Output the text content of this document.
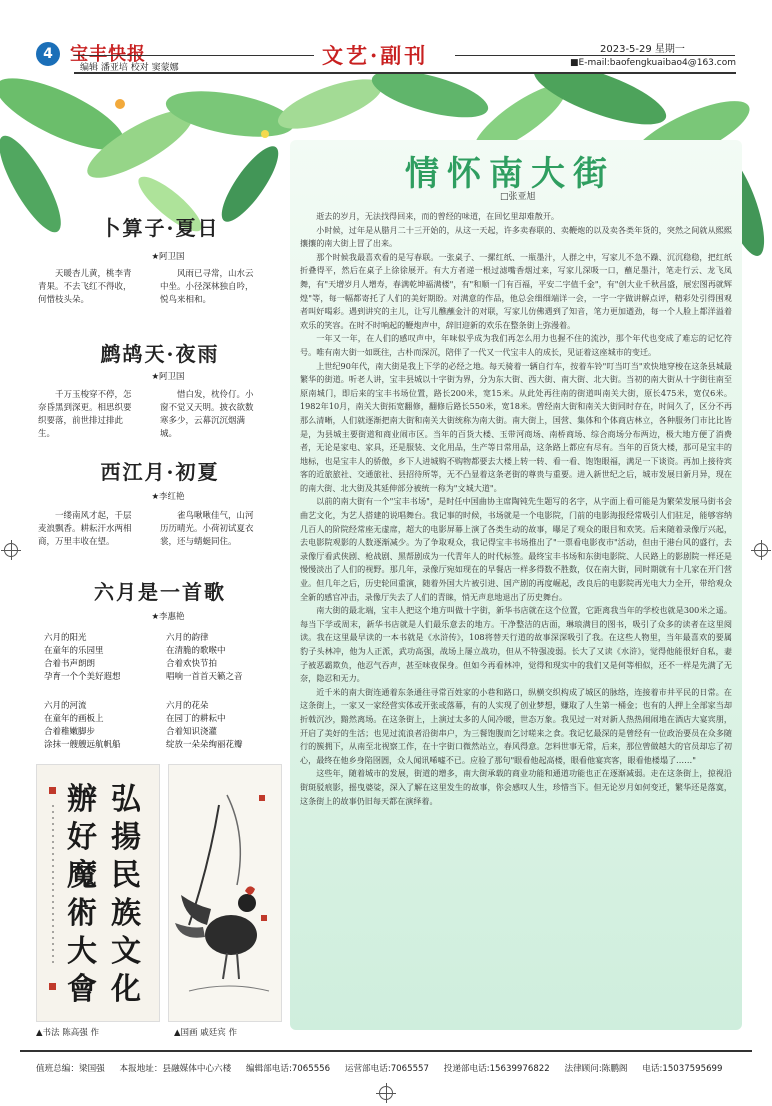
4 宝丰快报
编辑 潘亚培 校对 窦蒙娜	文艺·副刊	2023-5-29 星期一
■E-mail:baofengkuaibao4@163.com
情怀南大街
□张亚旭

逝去的岁月，无法找得回来，而的曾经的味道，在回忆里却难散开。

小时候，过年是从腊月二十三开始的，从这一天起，许多卖春联的、卖鞭炮的以及卖各类年货的，突然之间就从熙熙攘攘的南大街上冒了出来。

那个时候我最喜欢看的是写春联。一张桌子、一摞红纸、一瓶墨汁，人群之中，写家儿不急不躁、沉沉稳稳，把红纸折叠得平，然后在桌子上徐徐展开。有大方者递一根过滤嘴香烟过来，写家儿深吸一口，蘸足墨汁，笔走行云、龙飞凤舞，有"天增岁月人增寿，春满乾坤福满楼"，有"和顺一门有百福，平安二字值千金"，有"创大业千秋昌盛，展宏图再就辉煌"等，每一幅都寄托了人们的美好期盼。对满意的作品，他总会细细端详一会，一字一字做讲解点评，精彩处引得围观者叫好喝彩。遇到讲究的主儿，让写儿醮蘸金汁的对联，写家儿仿佛遇到了知音，笔力更加遒劲，每一个人脸上都洋溢着欢乐的笑容。在时不时响起的鞭炮声中，辞旧迎新的欢乐在整条街上弥漫着。

一年又一年，在人们的感叹声中，年味似乎成为我们再怎么用力也握不住的流沙，那个年代也变成了难忘的记忆符号。唯有南大街一如既往，古朴而深沉，陪伴了一代又一代宝丰人的成长，见证着这座城市的变迁。

上世纪90年代，南大街是我上下学的必经之地。每天骑着一辆自行车，按着车铃"叮当叮当"欢快地穿梭在这条县城最繁华的街道。听老人讲，宝丰县城以十字街为界，分为东大街、西大街、南大街、北大街。当初的南大街从十字街往南至原南城门，即后来的宝丰书场位置，路长200米，宽15米。从此处再往南的街道叫南关大街，原长475米，宽仅6米。1982年10月，南关大街拓宽翻修，翻修后路长550米，宽18米。曾经南大街和南关大街同时存在，时间久了，区分不再那么清晰，人们就逐渐把南大街和南关大街统称为南大街。南大街上，国营、集体和个体商店林立，各种服务门市比比皆是，为县城主要街道和商业闹市区。当年的百货大楼、玉带河商场、南桥商场、综合商场分布两边，极大地方便了消费者，无论是家电、家具，还是服装、文化用品，生产等日常用品，这条路上都应有尽有。当年的百货大楼，那可是宝丰的地标，也是宝丰人的骄傲，乡下人进城购不购物都要去大楼上转一转、看一看、饱饱眼福，满足一下谈资。再加上接待宾客的近旅旅社、交通旅社、县招待所等，无不凸显着这条老街的尊贵与重要。进入新世纪之后，城市发展日新月异，现在的南大街、北大街及其延伸部分被统一称为"文城大道"。

以前的南大街有一个"宝丰书场"，是时任中国曲协主席陶钝先生题写的名字，从字面上看可能是为繁荣发展马街书会曲艺文化，为艺人搭建的说唱舞台。我记事的时候，书场就是一个电影院，门前的电影海报经常吸引人们驻足，能够容纳几百人的阶院经常座无虚席，超大的电影屏幕上演了各类生动的故事，曝足了观众的眼目和欢笑。后来随着录像厅兴起，去电影院观影的人数逐渐减少。为了争取观众，我记得宝丰书场推出了"一票看电影夜市"活动，但由于港台风的盛行，去录像厅看武侠剧、枪战剧、黑帮剧成为一代青年人的时代标签。最终宝丰书场和东街电影院、人民路上的影剧院一样还是慢慢淡出了人们的视野。那几年，录像厅宛如现在的早餐店一样多得数不胜数，仅在南大街，同时期就有十几家在开门营业。但几年之后，历史轮回重演，随着外国大片被引进、国产剧的再度崛起，改良后的电影院再光电大力全开，带给观众全新的感官冲击，录像厅失去了人们的青睐，悄无声息地退出了历史舞台。

南大街的最北端，宝丰人把这个地方叫做十字街，新华书店就在这个位置，它距离我当年的学校也就是300米之遥。每当下学或周末，新华书店就是人们最乐意去的地方。干净整洁的店面，琳琅满目的图书，吸引了众多的读者在这里阅读。我在这里最早读的一本书就是《水浒传》，108将替天行道的故事深深吸引了我。在这些人物里，当年最喜欢的要属豹子头林冲，他为人正派，武功高强，战场上屡立战功，但从不特强凌弱。长大了又读《水浒》，觉得他能很好自私，妻子被恶霸欺负，他忍气吞声，甚至味夜保身。但如今再看林冲，觉得和现实中的我们又是何等相似，还不一样是先满了无奈，隐忍和无力。

近千米的南大街连通着东条通往寻常百姓家的小巷和路口，纵横交织构成了城区的脉络，连接着市井平民的日常。在这条街上，一家又一家经营实体或开张或落幕，有的人实现了创业梦想，赚取了人生第一桶金；也有的人押上全部家当却折戟沉沙，黯然离场。在这条街上，上演过太多的人间冷暖，世态万象。我见过一对对新人热热闹闹地在酒店大宴宾朋，开启了美好的生活；也见过流浪者沿街串户，为三餐饱腹而乞讨嗟来之食。我记忆最深的是曾经有一位政治要员在众多随行的簇拥下，从南至北视察工作，在十字街口微然站立，春风得意。怎料世事无常，后来，那位曾做越大的官员却忘了初心，最终在他乡身陷囹圄，众人闻讯唏嘘不已。应验了那句"眼看他起高楼，眼看他宴宾客，眼看他楼塌了……"

这些年，随着城市的发展，街道的增多，南大街承载的商业功能和通道功能也正在逐渐减弱。走在这条街上，掠视沿街斑驳痕影，摇曳婆娑，深入了解在这里发生的故事，你会感叹人生，珍惜当下。但无论岁月如何变迁，繁华还是落寞，这条街上的故事仍旧每天都在演绎着。

卜算子·夏日
★阿卫国

天暖杏儿黄，桃李青青果。不去飞红不得收，何惜枝头朵。

风雨已寻常，山水云中坐。小径深林独自吟，悦鸟来相和。

鹧鸪天·夜雨
★阿卫国

千万玉梭穿不停，怎奈昏黑到深更。相思织要织要落，前世排过排此生。

惜白发，枕伶仃。小窗不觉又天明。披衣欲数寒多少，云幕沉沉烟满城。

西江月·初夏
★李红艳

一缕南风才起，千层麦浪飘香。耕耘汗水两相商，万里丰收在望。

雀鸟啾啾佳气，山河历历晴光。小荷初试夏衣裳，还与蜻蜓同住。

六月是一首歌
★李惠艳
六月的阳光
在童年的乐园里
合着书声朗朗
孕育一个个美好遐想
六月的韵律
在清脆的歌喉中
合着欢快节拍
唱响一首首天籁之音
六月的河流
在童年的画板上
合着稚嫩脚步
涂抹一艘艘远航帆船
六月的花朵
在园丁的耕耘中
合着知识浇灌
绽放一朵朵绚丽花瓣
弘
揚
民
族
文
化
辦
好
魔
術
大
會
▲书法 陈高强 作	▲国画 戚廷宾 作
值班总编：梁国强 本报地址：县融媒体中心六楼 编辑部电话:7065556 运营部电话:7065557 投递部电话:15639976822 法律顾问:陈鹏阁 电话:15037595699
